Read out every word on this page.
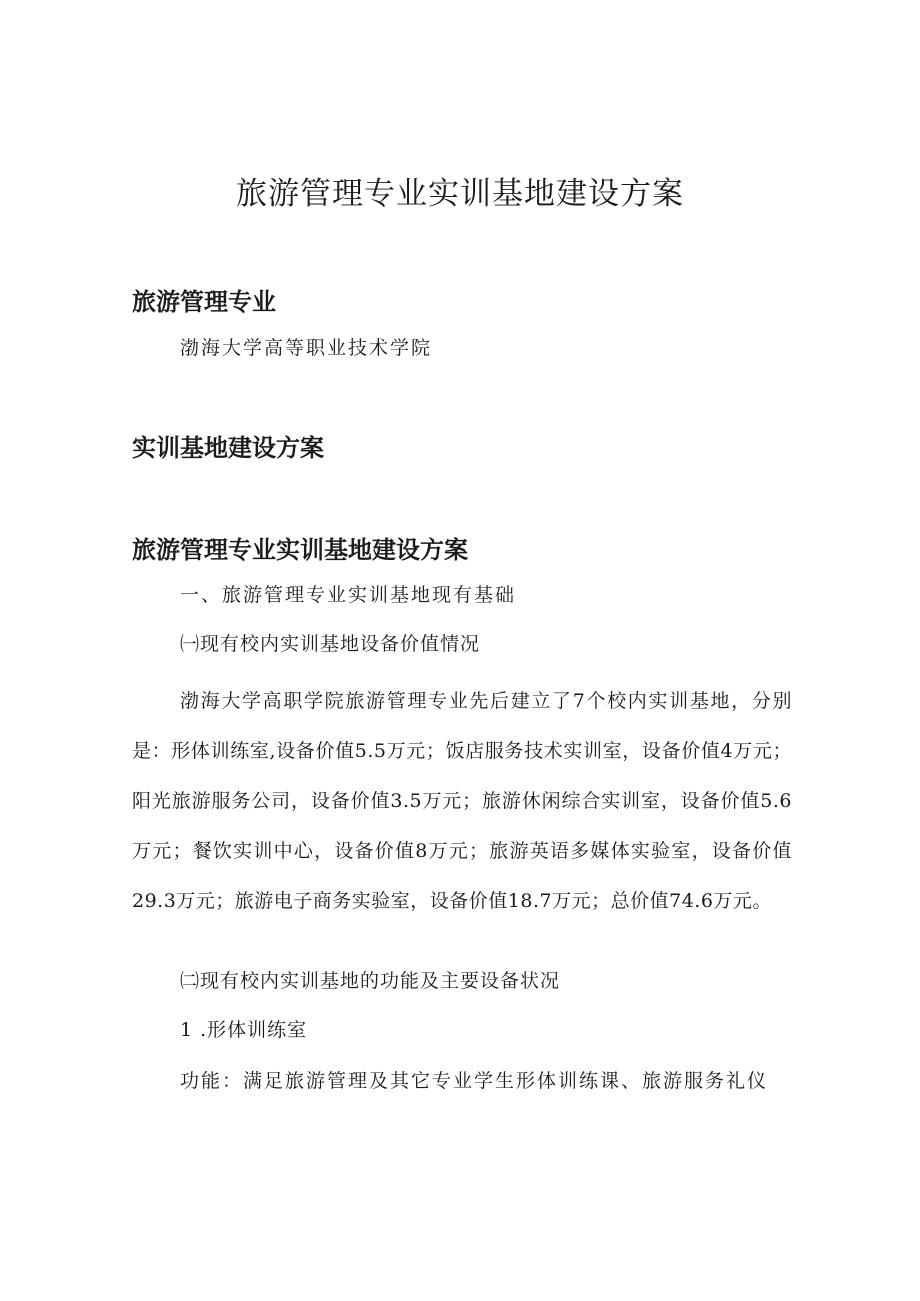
旅游管理专业实训基地建设方案
旅游管理专业
渤海大学高等职业技术学院
实训基地建设方案
旅游管理专业实训基地建设方案
一、旅游管理专业实训基地现有基础
㈠现有校内实训基地设备价值情况
渤海大学高职学院旅游管理专业先后建立了7个校内实训基地，分别是：形体训练室,设备价值5.5万元；饭店服务技术实训室，设备价值4万元；阳光旅游服务公司，设备价值3.5万元；旅游休闲综合实训室，设备价值5.6万元；餐饮实训中心，设备价值8万元；旅游英语多媒体实验室，设备价值29.3万元；旅游电子商务实验室，设备价值18.7万元；总价值74.6万元。
㈡现有校内实训基地的功能及主要设备状况
1 .形体训练室
功能：满足旅游管理及其它专业学生形体训练课、旅游服务礼仪
